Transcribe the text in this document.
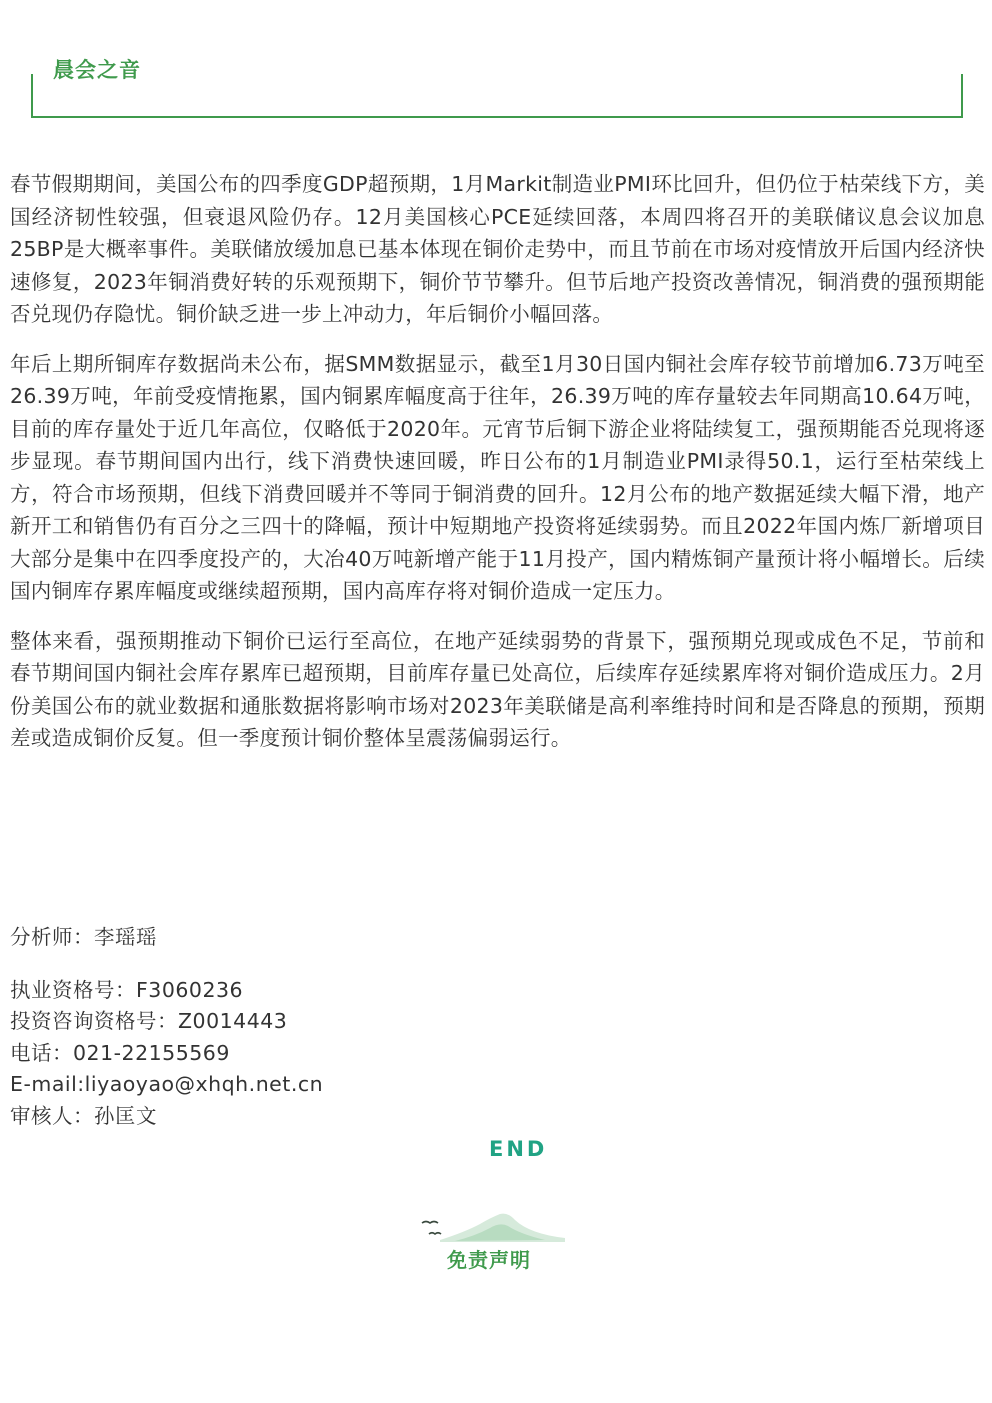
晨会之音

春节假期期间，美国公布的四季度GDP超预期，1月Markit制造业PMI环比回升，但仍位于枯荣线下方，美国经济韧性较强，但衰退风险仍存。12月美国核心PCE延续回落，本周四将召开的美联储议息会议加息25BP是大概率事件。美联储放缓加息已基本体现在铜价走势中，而且节前在市场对疫情放开后国内经济快速修复，2023年铜消费好转的乐观预期下，铜价节节攀升。但节后地产投资改善情况，铜消费的强预期能否兑现仍存隐忧。铜价缺乏进一步上冲动力，年后铜价小幅回落。

年后上期所铜库存数据尚未公布，据SMM数据显示，截至1月30日国内铜社会库存较节前增加6.73万吨至26.39万吨，年前受疫情拖累，国内铜累库幅度高于往年，26.39万吨的库存量较去年同期高10.64万吨，目前的库存量处于近几年高位，仅略低于2020年。元宵节后铜下游企业将陆续复工，强预期能否兑现将逐步显现。春节期间国内出行，线下消费快速回暖，昨日公布的1月制造业PMI录得50.1，运行至枯荣线上方，符合市场预期，但线下消费回暖并不等同于铜消费的回升。12月公布的地产数据延续大幅下滑，地产新开工和销售仍有百分之三四十的降幅，预计中短期地产投资将延续弱势。而且2022年国内炼厂新增项目大部分是集中在四季度投产的，大冶40万吨新增产能于11月投产，国内精炼铜产量预计将小幅增长。后续国内铜库存累库幅度或继续超预期，国内高库存将对铜价造成一定压力。

整体来看，强预期推动下铜价已运行至高位，在地产延续弱势的背景下，强预期兑现或成色不足，节前和春节期间国内铜社会库存累库已超预期，目前库存量已处高位，后续库存延续累库将对铜价造成压力。2月份美国公布的就业数据和通胀数据将影响市场对2023年美联储是高利率维持时间和是否降息的预期，预期差或造成铜价反复。但一季度预计铜价整体呈震荡偏弱运行。

分析师：李瑶瑶
执业资格号：F3060236
投资咨询资格号：Z0014443
电话：021-22155569
E-mail:liyaoyao@xhqh.net.cn
审核人：孙匡文
END
免责声明
